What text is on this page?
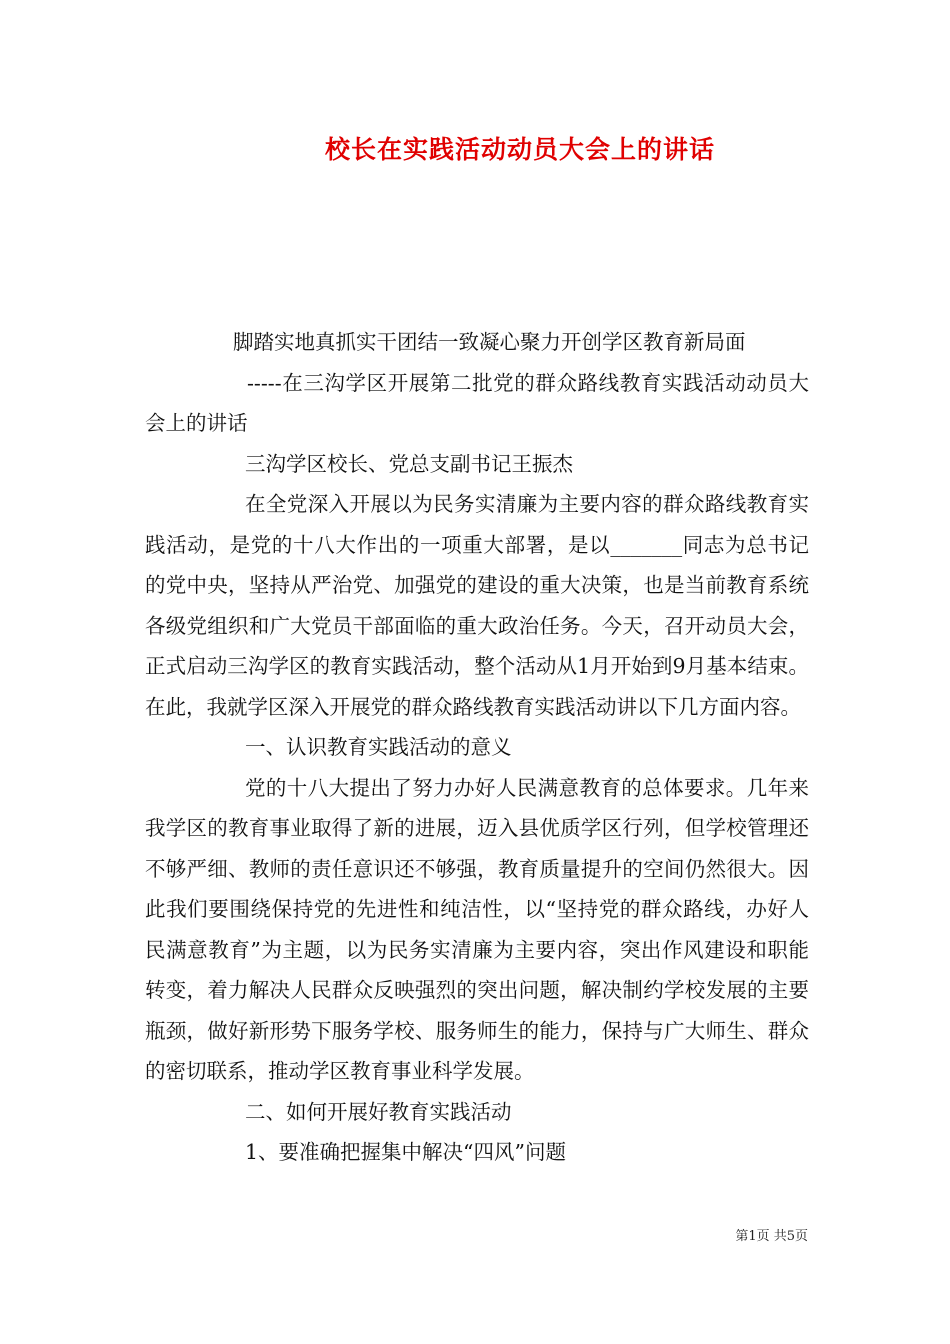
校长在实践活动动员大会上的讲话

脚踏实地真抓实干团结一致凝心聚力开创学区教育新局面

-----在三沟学区开展第二批党的群众路线教育实践活动动员大会上的讲话

三沟学区校长、党总支副书记王振杰

在全党深入开展以为民务实清廉为主要内容的群众路线教育实践活动，是党的十八大作出的一项重大部署，是以_______同志为总书记的党中央，坚持从严治党、加强党的建设的重大决策，也是当前教育系统各级党组织和广大党员干部面临的重大政治任务。今天，召开动员大会，正式启动三沟学区的教育实践活动，整个活动从1月开始到9月基本结束。在此，我就学区深入开展党的群众路线教育实践活动讲以下几方面内容。

一、认识教育实践活动的意义

党的十八大提出了努力办好人民满意教育的总体要求。几年来我学区的教育事业取得了新的进展，迈入县优质学区行列，但学校管理还不够严细、教师的责任意识还不够强，教育质量提升的空间仍然很大。因此我们要围绕保持党的先进性和纯洁性，以“坚持党的群众路线，办好人民满意教育”为主题，以为民务实清廉为主要内容，突出作风建设和职能转变，着力解决人民群众反映强烈的突出问题，解决制约学校发展的主要瓶颈，做好新形势下服务学校、服务师生的能力，保持与广大师生、群众的密切联系，推动学区教育事业科学发展。

二、如何开展好教育实践活动

1、要准确把握集中解决“四风”问题

第1页 共5页
